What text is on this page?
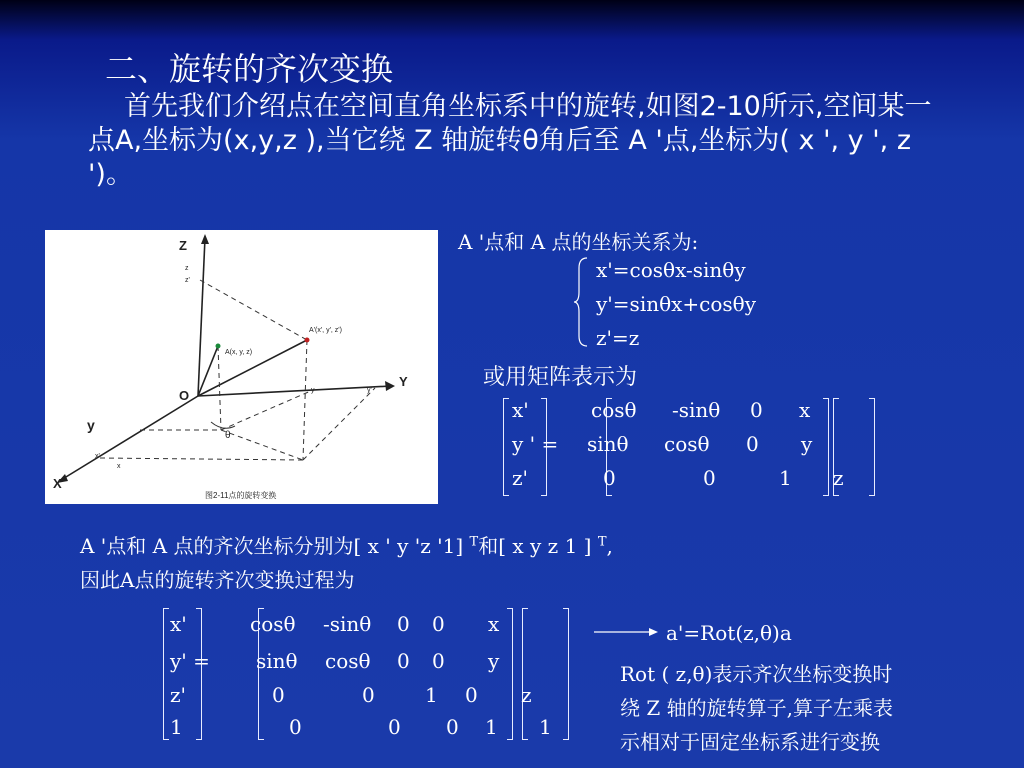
二、旋转的齐次变换
首先我们介绍点在空间直角坐标系中的旋转,如图2-10所示,空间某一点A,坐标为(x,y,z ),当它绕 Z 轴旋转θ角后至 A '点,坐标为( x ', y ', z ')。
Z
z
z'
A(x, y, z)
A'(x', y', z')
Y
y	y'
O
θ
y
x'
x
X
图2-11点的旋转变换
A '点和 A 点的坐标关系为:
x'=cosθx-sinθy
y'=sinθx+cosθy
z'=z
或用矩阵表示为
x'
y ' =
z'
cosθ -sinθ 0
sinθ cosθ 0
0	0	1
x
y
z
A '点和 A 点的齐次坐标分别为[ x ' y 'z '1] $^T$和[ x y z 1 ] $^T$,
因此A点的旋转齐次变换过程为
x'
y' =
z'
1
cosθ -sinθ 0 0
sinθ cosθ 0 0
0	0	1 0
0	0 0 1
x
y
z
1
a'=Rot(z,θ)a
Rot ( z,θ)表示齐次坐标变换时
绕 Z 轴的旋转算子,算子左乘表
示相对于固定坐标系进行变换
